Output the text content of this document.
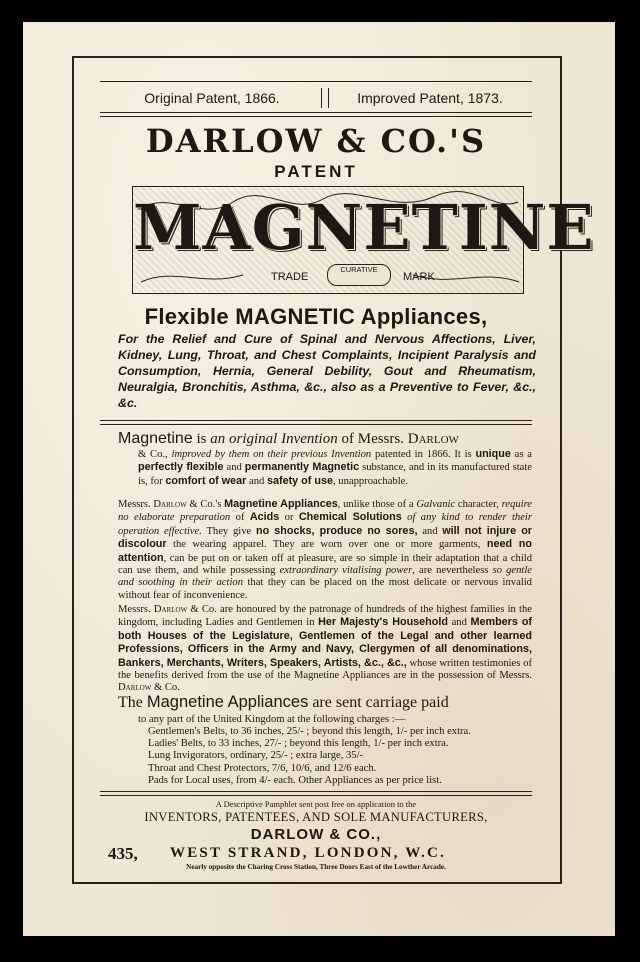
Original Patent, 1866.	Improved Patent, 1873.
DARLOW & CO.'S
PATENT
MAGNETINE
TRADE
CURATIVE
MARK
Flexible MAGNETIC Appliances,
For the Relief and Cure of Spinal and Nervous Affections, Liver, Kidney, Lung, Throat, and Chest Complaints, Incipient Paralysis and Consumption, Hernia, General Debility, Gout and Rheumatism, Neuralgia, Bronchitis, Asthma, &c., also as a Preventive to Fever, &c., &c.

Magnetine is an original Invention of Messrs. Darlow

& Co., improved by them on their previous Invention patented in 1866. It is unique as a perfectly flexible and permanently Magnetic substance, and in its manufactured state is, for comfort of wear and safety of use, unapproachable.

Messrs. Darlow & Co.'s Magnetine Appliances, unlike those of a Galvanic character, require no elaborate preparation of Acids or Chemical Solutions of any kind to render their operation effective. They give no shocks, produce no sores, and will not injure or discolour the wearing apparel. They are worn over one or more garments, need no attention, can be put on or taken off at pleasure, are so simple in their adaptation that a child can use them, and while possessing extraordinary vitalising power, are nevertheless so gentle and soothing in their action that they can be placed on the most delicate or nervous invalid without fear of inconvenience.

Messrs. Darlow & Co. are honoured by the patronage of hundreds of the highest families in the kingdom, including Ladies and Gentlemen in Her Majesty's Household and Members of both Houses of the Legislature, Gentlemen of the Legal and other learned Professions, Officers in the Army and Navy, Clergymen of all denominations, Bankers, Merchants, Writers, Speakers, Artists, &c., &c., whose written testimonies of the benefits derived from the use of the Magnetine Appliances are in the possession of Messrs. Darlow & Co.

The Magnetine Appliances are sent carriage paid
to any part of the United Kingdom at the following charges :—
Gentlemen's Belts, to 36 inches, 25/- ; beyond this length, 1/- per inch extra.
Ladies' Belts, to 33 inches, 27/- ; beyond this length, 1/- per inch extra.
Lung Invigorators, ordinary, 25/- ; extra large, 35/-
Throat and Chest Protectors, 7/6, 10/6, and 12/6 each.
Pads for Local uses, from 4/- each. Other Appliances as per price list.
A Descriptive Pamphlet sent post free on application to the
INVENTORS, PATENTEES, AND SOLE MANUFACTURERS,
DARLOW & CO.,
435, WEST STRAND, LONDON, W.C.
Nearly opposite the Charing Cross Station, Three Doors East of the Lowther Arcade.
